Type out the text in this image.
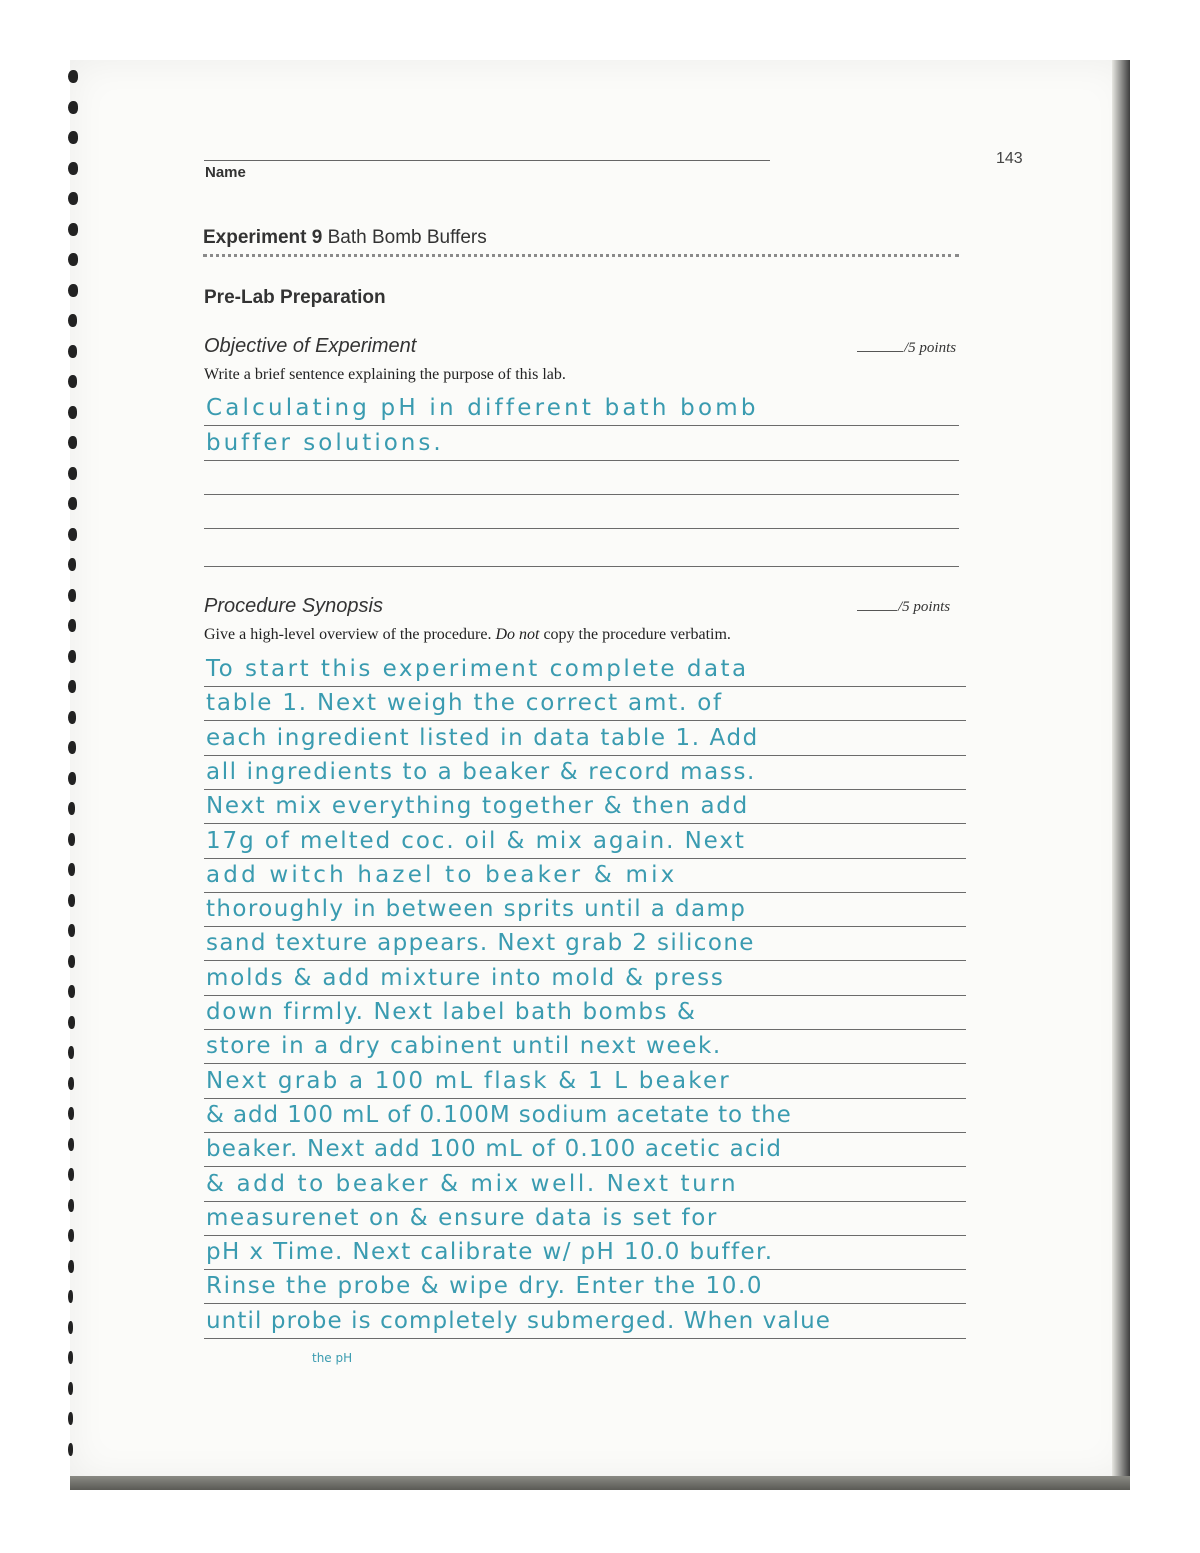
143
Name
Experiment 9 Bath Bomb Buffers
Pre-Lab Preparation
Objective of Experiment	/5 points
Write a brief sentence explaining the purpose of this lab.
Calculating pH in different bath bomb
buffer solutions.
Procedure Synopsis	/5 points
Give a high-level overview of the procedure. Do not copy the procedure verbatim.
To start this experiment complete data
table 1. Next weigh the correct amt. of
each ingredient listed in data table 1. Add
all ingredients to a beaker & record mass.
Next mix everything together & then add
17g of melted coc. oil & mix again. Next
add witch hazel to beaker & mix
thoroughly in between sprits until a damp
sand texture appears. Next grab 2 silicone
molds & add mixture into mold & press
down firmly. Next label bath bombs &
store in a dry cabinent until next week.
Next grab a 100 mL flask & 1 L beaker
& add 100 mL of 0.100M sodium acetate to the
beaker. Next add 100 mL of 0.100 acetic acid
& add to beaker & mix well. Next turn
measurenet on & ensure data is set for
pH x Time. Next calibrate w/ pH 10.0 buffer.
Rinse the probe & wipe dry. Enter the 10.0
until probe is completely submerged. When value
the pH
